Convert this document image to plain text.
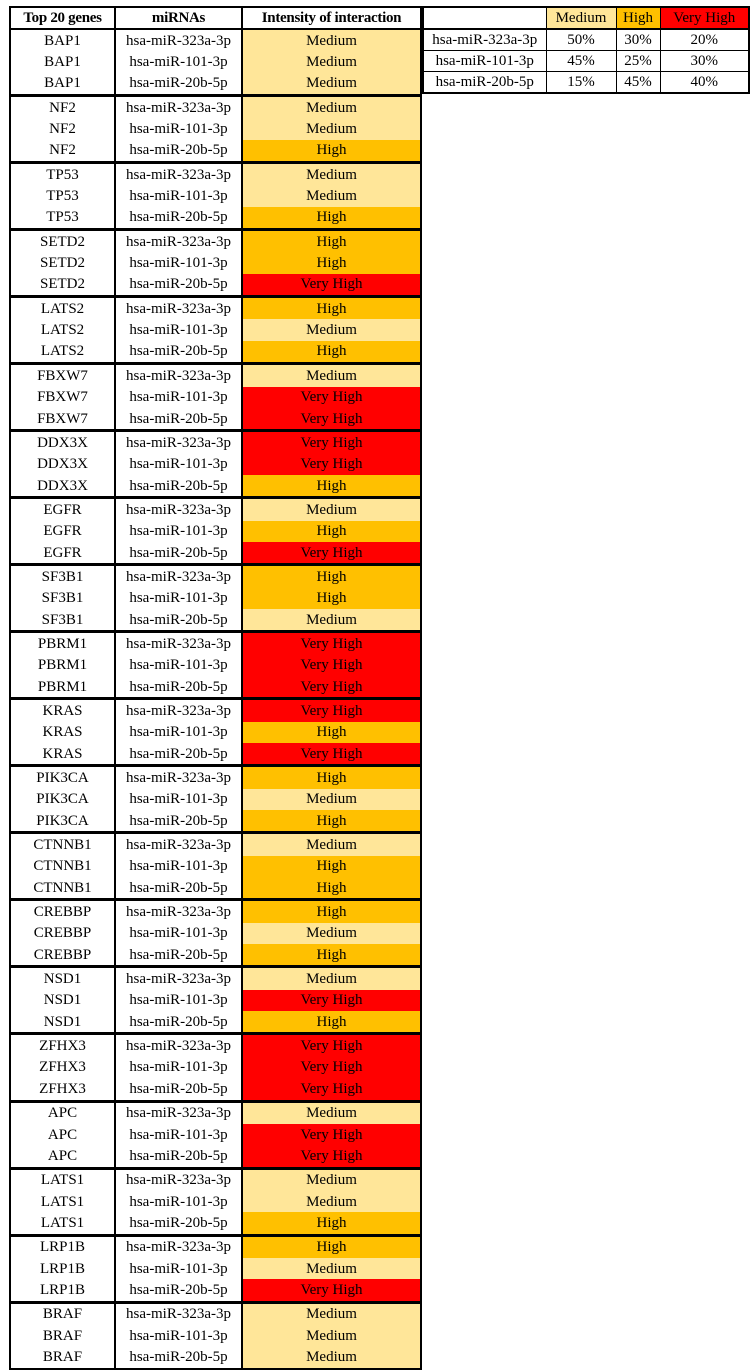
Top 20 genes	miRNAs	Intensity of interaction
BAP1	hsa-miR-323a-3p	Medium
BAP1	hsa-miR-101-3p	Medium
BAP1	hsa-miR-20b-5p	Medium
NF2	hsa-miR-323a-3p	Medium
NF2	hsa-miR-101-3p	Medium
NF2	hsa-miR-20b-5p	High
TP53	hsa-miR-323a-3p	Medium
TP53	hsa-miR-101-3p	Medium
TP53	hsa-miR-20b-5p	High
SETD2	hsa-miR-323a-3p	High
SETD2	hsa-miR-101-3p	High
SETD2	hsa-miR-20b-5p	Very High
LATS2	hsa-miR-323a-3p	High
LATS2	hsa-miR-101-3p	Medium
LATS2	hsa-miR-20b-5p	High
FBXW7	hsa-miR-323a-3p	Medium
FBXW7	hsa-miR-101-3p	Very High
FBXW7	hsa-miR-20b-5p	Very High
DDX3X	hsa-miR-323a-3p	Very High
DDX3X	hsa-miR-101-3p	Very High
DDX3X	hsa-miR-20b-5p	High
EGFR	hsa-miR-323a-3p	Medium
EGFR	hsa-miR-101-3p	High
EGFR	hsa-miR-20b-5p	Very High
SF3B1	hsa-miR-323a-3p	High
SF3B1	hsa-miR-101-3p	High
SF3B1	hsa-miR-20b-5p	Medium
PBRM1	hsa-miR-323a-3p	Very High
PBRM1	hsa-miR-101-3p	Very High
PBRM1	hsa-miR-20b-5p	Very High
KRAS	hsa-miR-323a-3p	Very High
KRAS	hsa-miR-101-3p	High
KRAS	hsa-miR-20b-5p	Very High
PIK3CA	hsa-miR-323a-3p	High
PIK3CA	hsa-miR-101-3p	Medium
PIK3CA	hsa-miR-20b-5p	High
CTNNB1	hsa-miR-323a-3p	Medium
CTNNB1	hsa-miR-101-3p	High
CTNNB1	hsa-miR-20b-5p	High
CREBBP	hsa-miR-323a-3p	High
CREBBP	hsa-miR-101-3p	Medium
CREBBP	hsa-miR-20b-5p	High
NSD1	hsa-miR-323a-3p	Medium
NSD1	hsa-miR-101-3p	Very High
NSD1	hsa-miR-20b-5p	High
ZFHX3	hsa-miR-323a-3p	Very High
ZFHX3	hsa-miR-101-3p	Very High
ZFHX3	hsa-miR-20b-5p	Very High
APC	hsa-miR-323a-3p	Medium
APC	hsa-miR-101-3p	Very High
APC	hsa-miR-20b-5p	Very High
LATS1	hsa-miR-323a-3p	Medium
LATS1	hsa-miR-101-3p	Medium
LATS1	hsa-miR-20b-5p	High
LRP1B	hsa-miR-323a-3p	High
LRP1B	hsa-miR-101-3p	Medium
LRP1B	hsa-miR-20b-5p	Very High
BRAF	hsa-miR-323a-3p	Medium
BRAF	hsa-miR-101-3p	Medium
BRAF	hsa-miR-20b-5p	Medium
	Medium	High	Very High
hsa-miR-323a-3p	50%	30%	20%
hsa-miR-101-3p	45%	25%	30%
hsa-miR-20b-5p	15%	45%	40%
